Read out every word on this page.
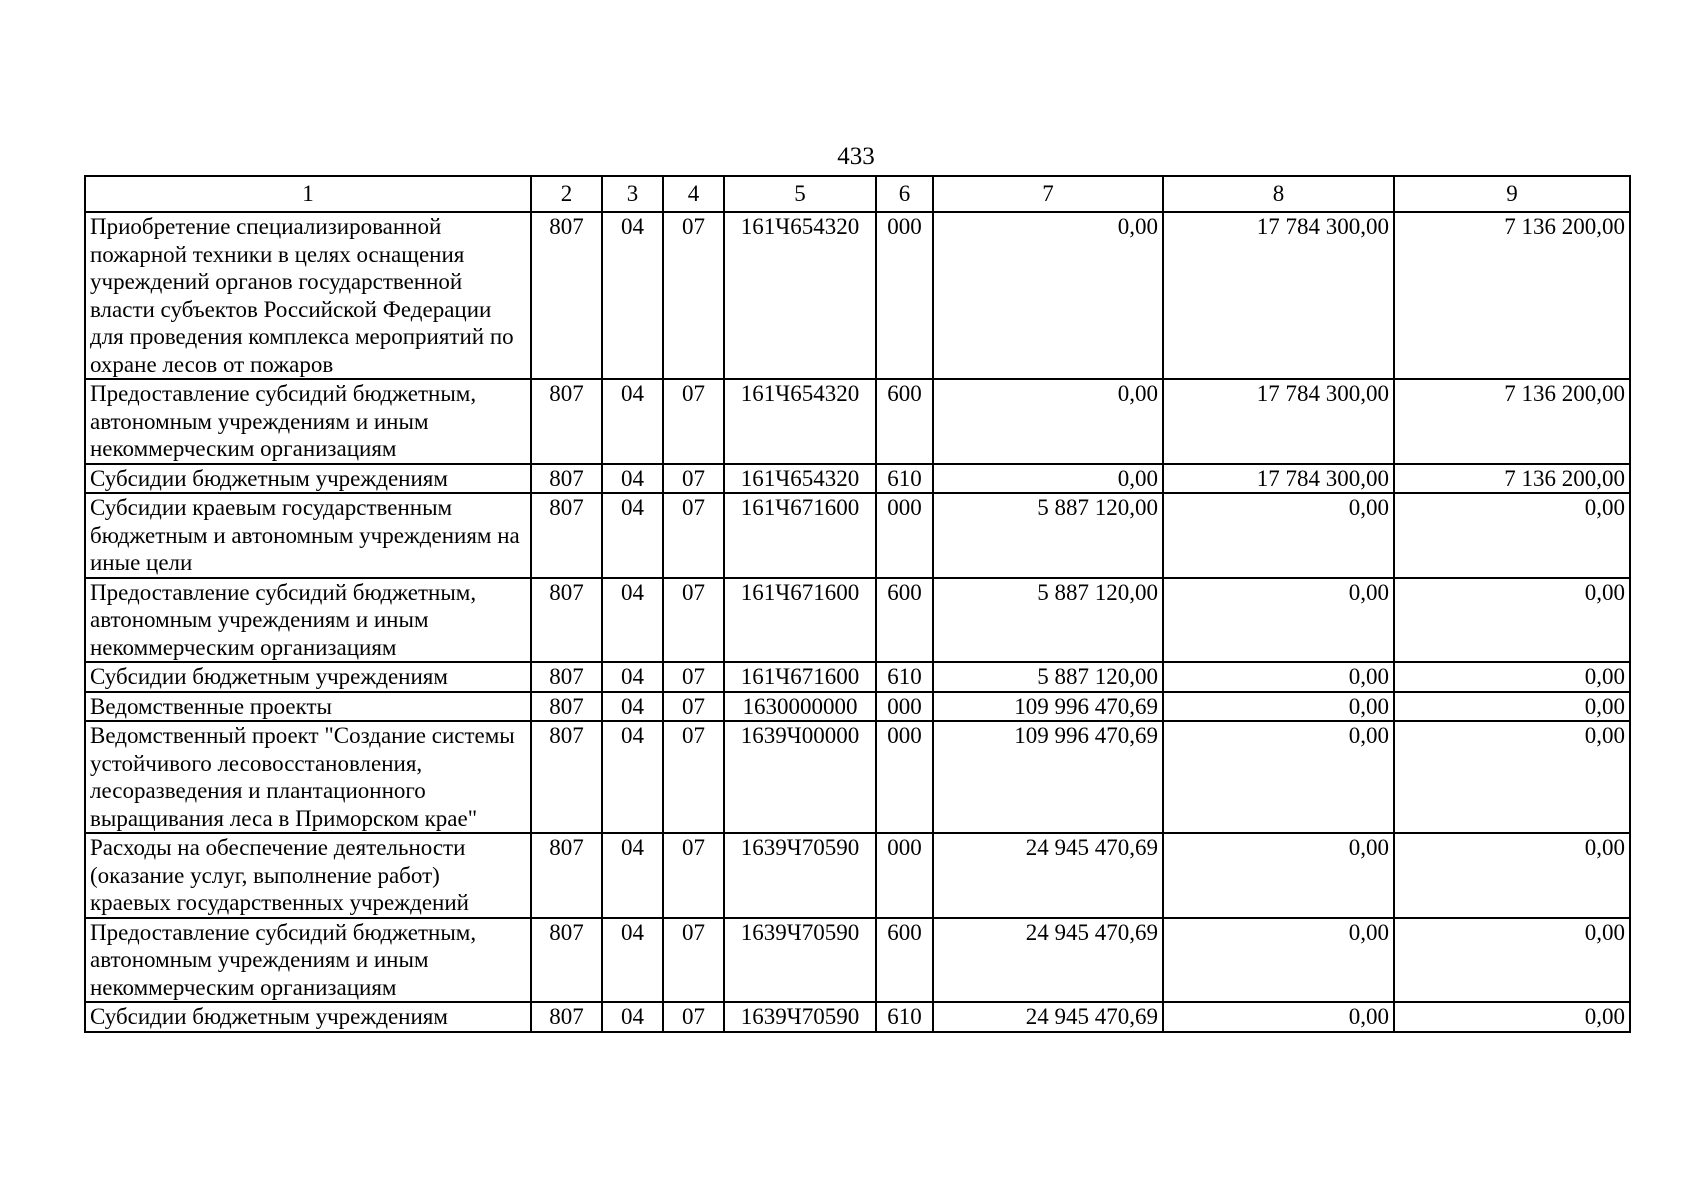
433
1	2	3	4	5	6	7	8	9
Приобретение специализированной пожарной техники в целях оснащения учреждений органов государственной власти субъектов Российской Федерации для проведения комплекса мероприятий по охране лесов от пожаров	807	04	07	161Ч654320	000	0,00	17 784 300,00	7 136 200,00
Предоставление субсидий бюджетным, автономным учреждениям и иным некоммерческим организациям	807	04	07	161Ч654320	600	0,00	17 784 300,00	7 136 200,00
Субсидии бюджетным учреждениям	807	04	07	161Ч654320	610	0,00	17 784 300,00	7 136 200,00
Субсидии краевым государственным бюджетным и автономным учреждениям на иные цели	807	04	07	161Ч671600	000	5 887 120,00	0,00	0,00
Предоставление субсидий бюджетным, автономным учреждениям и иным некоммерческим организациям	807	04	07	161Ч671600	600	5 887 120,00	0,00	0,00
Субсидии бюджетным учреждениям	807	04	07	161Ч671600	610	5 887 120,00	0,00	0,00
Ведомственные проекты	807	04	07	1630000000	000	109 996 470,69	0,00	0,00
Ведомственный проект "Создание системы устойчивого лесовосстановления, лесоразведения и плантационного выращивания леса в Приморском крае"	807	04	07	1639Ч00000	000	109 996 470,69	0,00	0,00
Расходы на обеспечение деятельности (оказание услуг, выполнение работ) краевых государственных учреждений	807	04	07	1639Ч70590	000	24 945 470,69	0,00	0,00
Предоставление субсидий бюджетным, автономным учреждениям и иным некоммерческим организациям	807	04	07	1639Ч70590	600	24 945 470,69	0,00	0,00
Субсидии бюджетным учреждениям	807	04	07	1639Ч70590	610	24 945 470,69	0,00	0,00
